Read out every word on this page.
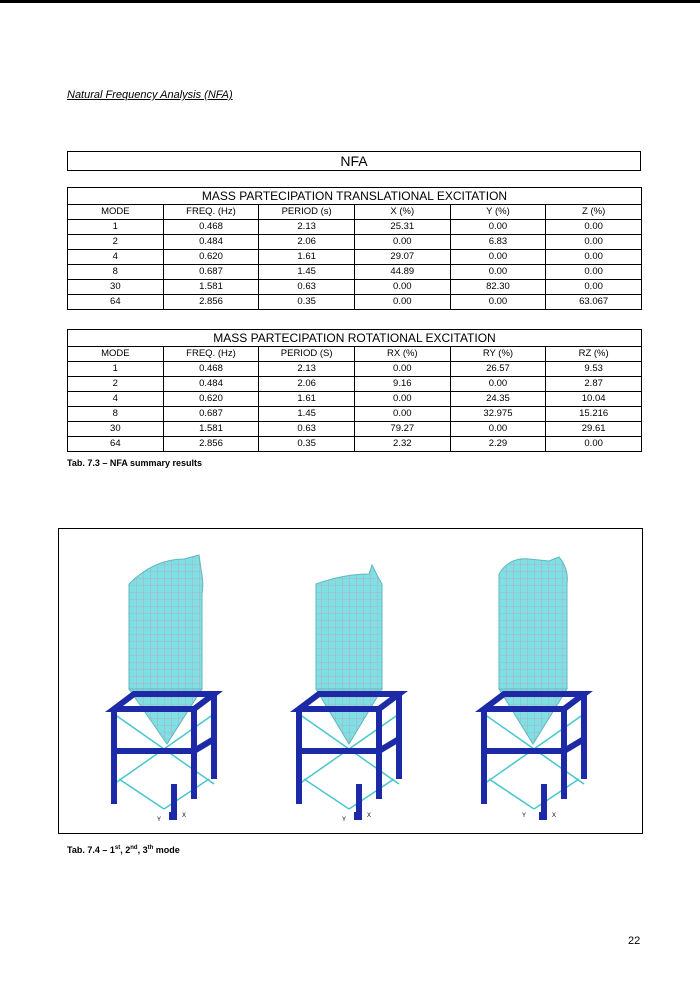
Natural Frequency Analysis (NFA)
NFA
MASS PARTECIPATION TRANSLATIONAL EXCITATION
MODE	FREQ. (Hz)	PERIOD (s)	X (%)	Y (%)	Z (%)
1	0.468	2.13	25.31	0.00	0.00
2	0.484	2.06	0.00	6.83	0.00
4	0.620	1.61	29.07	0.00	0.00
8	0.687	1.45	44.89	0.00	0.00
30	1.581	0.63	0.00	82.30	0.00
64	2.856	0.35	0.00	0.00	63.067
MASS PARTECIPATION ROTATIONAL EXCITATION
MODE	FREQ. (Hz)	PERIOD (S)	RX (%)	RY (%)	RZ (%)
1	0.468	2.13	0.00	26.57	9.53
2	0.484	2.06	9.16	0.00	2.87
4	0.620	1.61	0.00	24.35	10.04
8	0.687	1.45	0.00	32.975	15.216
30	1.581	0.63	79.27	0.00	29.61
64	2.856	0.35	2.32	2.29	0.00
Tab. 7.3 – NFA summary results
Y
X
Y
X	Y	X
Tab. 7.4 – 1st, 2nd, 3th mode
22
